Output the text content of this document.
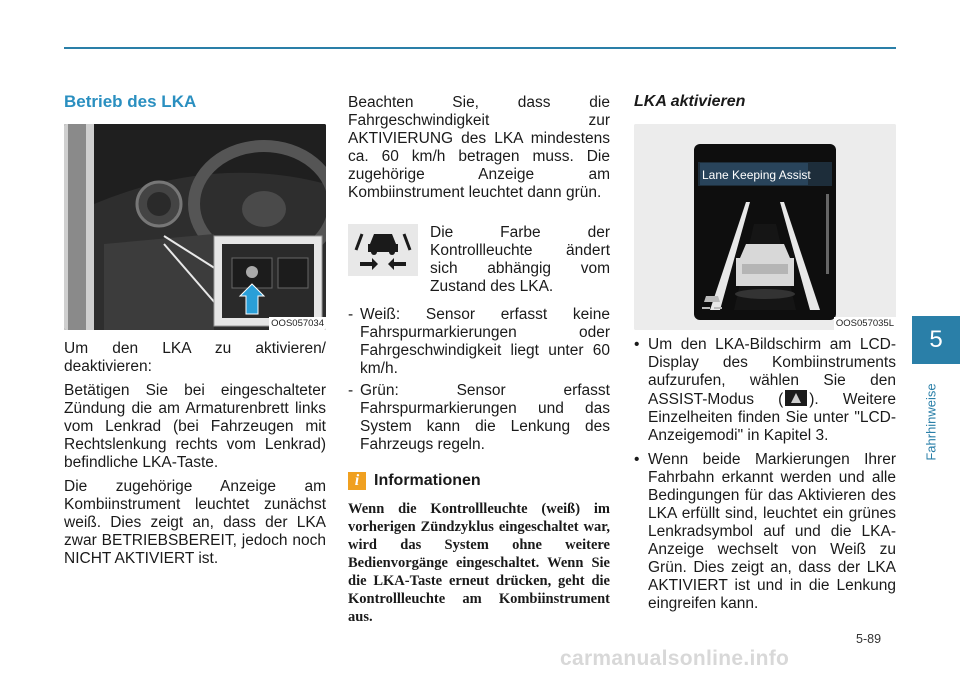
5
Fahrhinweise
Betrieb des LKA
OOS057034

Um den LKA zu aktivieren/ deaktivieren:

Betätigen Sie bei eingeschalteter Zündung die am Armaturenbrett links vom Lenkrad (bei Fahrzeugen mit Rechtslenkung rechts vom Lenkrad) befindliche LKA-Taste.

Die zugehörige Anzeige am Kombiinstrument leuchtet zunächst weiß. Dies zeigt an, dass der LKA zwar BETRIEBSBEREIT, jedoch noch NICHT AKTIVIERT ist.

Beachten Sie, dass die Fahrgeschwindigkeit zur AKTIVIERUNG des LKA mindestens ca. 60 km/h betragen muss. Die zugehörige Anzeige am Kombiinstrument leuchtet dann grün.

Die Farbe der Kontrollleuchte ändert sich abhängig vom Zustand des LKA.

- Weiß: Sensor erfasst keine Fahrspurmarkierungen oder Fahrgeschwindigkeit liegt unter 60 km/h.
- Grün: Sensor erfasst Fahrspurmarkierungen und das System kann die Lenkung des Fahrzeugs regeln.
i Informationen
Wenn die Kontrollleuchte (weiß) im vorherigen Zündzyklus eingeschaltet war, wird das System ohne weitere Bedienvorgänge eingeschaltet. Wenn Sie die LKA-Taste erneut drücken, geht die Kontrollleuchte am Kombiinstrument aus.
LKA aktivieren
Lane Keeping Assist
OOS057035L
• Um den LKA-Bildschirm am LCD-Display des Kombiinstruments aufzurufen, wählen Sie den ASSIST-Modus ( ). Weitere Einzelheiten finden Sie unter "LCD-Anzeigemodi" in Kapitel 3.
• Wenn beide Markierungen Ihrer Fahrbahn erkannt werden und alle Bedingungen für das Aktivieren des LKA erfüllt sind, leuchtet ein grünes Lenkradsymbol auf und die LKA-Anzeige wechselt von Weiß zu Grün. Dies zeigt an, dass der LKA AKTIVIERT ist und in die Lenkung eingreifen kann.
5-89
carmanualsonline.info
